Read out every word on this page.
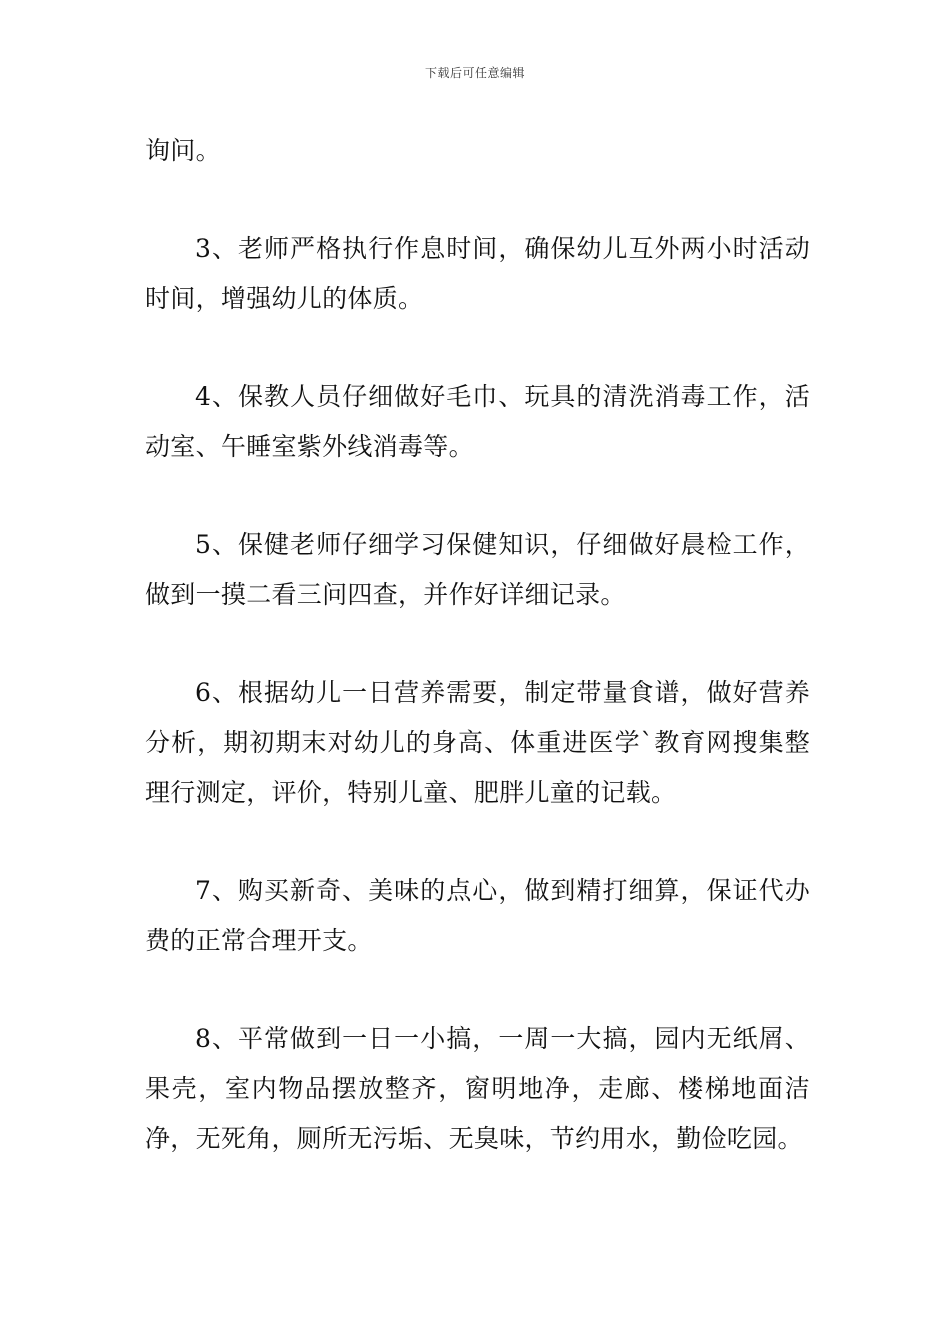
下载后可任意编辑

询问。

3、老师严格执行作息时间，确保幼儿互外两小时活动时间，增强幼儿的体质。

4、保教人员仔细做好毛巾、玩具的清洗消毒工作，活动室、午睡室紫外线消毒等。

5、保健老师仔细学习保健知识，仔细做好晨检工作，做到一摸二看三问四查，并作好详细记录。

6、根据幼儿一日营养需要，制定带量食谱，做好营养分析，期初期末对幼儿的身高、体重进医学`教育网搜集整理行测定，评价，特别儿童、肥胖儿童的记载。

7、购买新奇、美味的点心，做到精打细算，保证代办费的正常合理开支。

8、平常做到一日一小搞，一周一大搞，园内无纸屑、果壳，室内物品摆放整齐，窗明地净，走廊、楼梯地面洁净，无死角，厕所无污垢、无臭味，节约用水，勤俭吃园。
